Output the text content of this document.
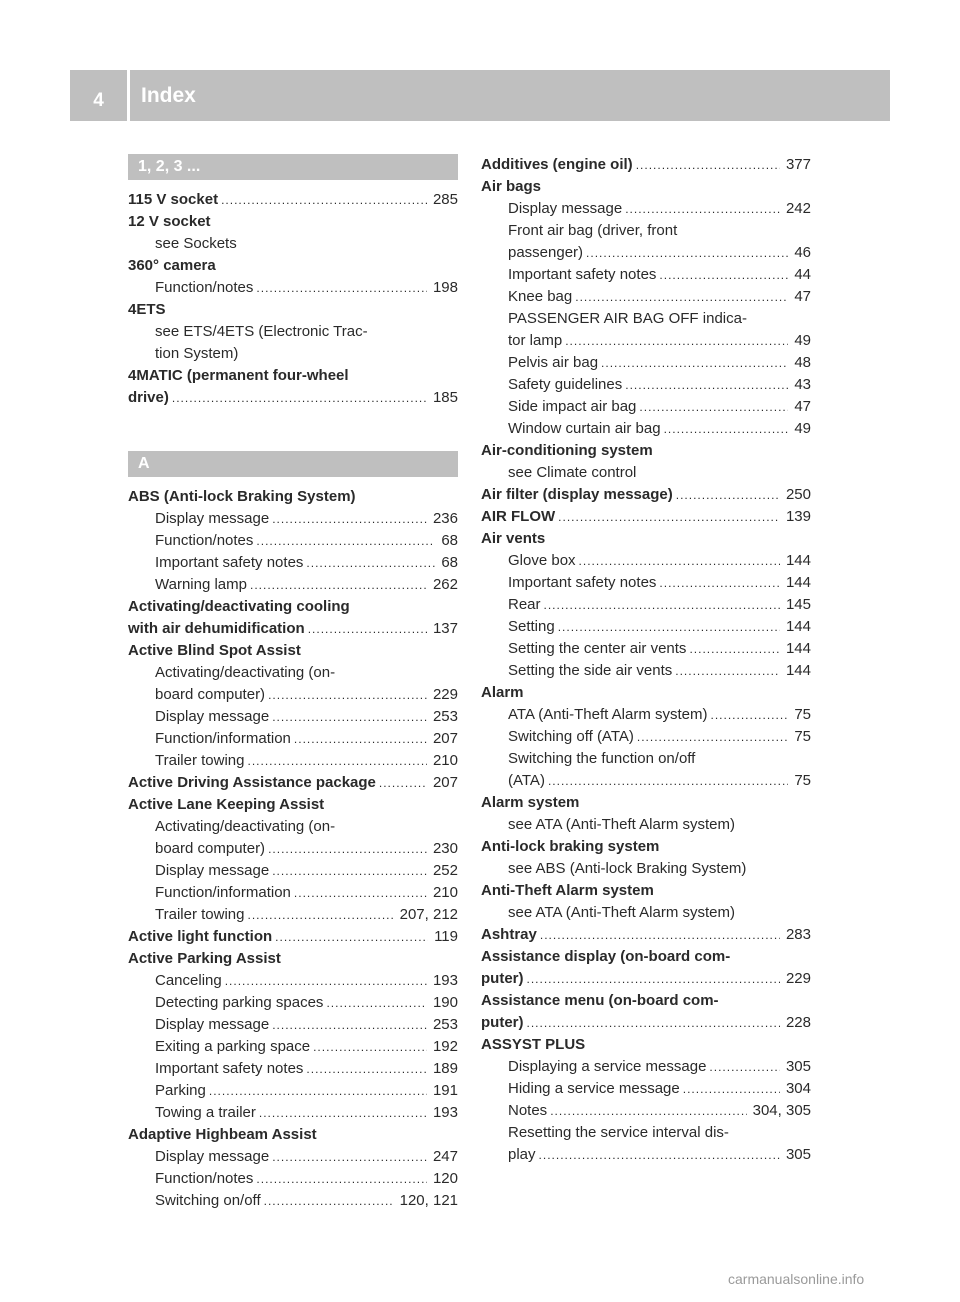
4	Index
1, 2, 3 ...
115 V socket .....	285
12 V socket
see Sockets
360° camera
Function/notes .....	198
4ETS
see ETS/4ETS (Electronic Trac-
tion System)
4MATIC (permanent four-wheel
drive) .....	185
A
ABS (Anti-lock Braking System)
Display message .....	236
Function/notes .....	68
Important safety notes .....	68
Warning lamp .....	262
Activating/deactivating cooling
with air dehumidification .....	137
Active Blind Spot Assist
Activating/deactivating (on-
board computer) .....	229
Display message .....	253
Function/information .....	207
Trailer towing .....	210
Active Driving Assistance package .....	207
Active Lane Keeping Assist
Activating/deactivating (on-
board computer) .....	230
Display message .....	252
Function/information .....	210
Trailer towing .....	207, 212
Active light function .....	119
Active Parking Assist
Canceling .....	193
Detecting parking spaces .....	190
Display message .....	253
Exiting a parking space .....	192
Important safety notes .....	189
Parking .....	191
Towing a trailer .....	193
Adaptive Highbeam Assist
Display message .....	247
Function/notes .....	120
Switching on/off .....	120, 121
Additives (engine oil) .....	377
Air bags
Display message .....	242
Front air bag (driver, front
passenger) .....	46
Important safety notes .....	44
Knee bag .....	47
PASSENGER AIR BAG OFF indica-
tor lamp .....	49
Pelvis air bag .....	48
Safety guidelines .....	43
Side impact air bag .....	47
Window curtain air bag .....	49
Air-conditioning system
see Climate control
Air filter (display message) .....	250
AIR FLOW .....	139
Air vents
Glove box .....	144
Important safety notes .....	144
Rear .....	145
Setting .....	144
Setting the center air vents .....	144
Setting the side air vents .....	144
Alarm
ATA (Anti-Theft Alarm system) .....	75
Switching off (ATA) .....	75
Switching the function on/off
(ATA) .....	75
Alarm system
see ATA (Anti-Theft Alarm system)
Anti-lock braking system
see ABS (Anti-lock Braking System)
Anti-Theft Alarm system
see ATA (Anti-Theft Alarm system)
Ashtray .....	283
Assistance display (on-board com-
puter) .....	229
Assistance menu (on-board com-
puter) .....	228
ASSYST PLUS
Displaying a service message .....	305
Hiding a service message .....	304
Notes .....	304, 305
Resetting the service interval dis-
play .....	305
carmanualsonline.info
